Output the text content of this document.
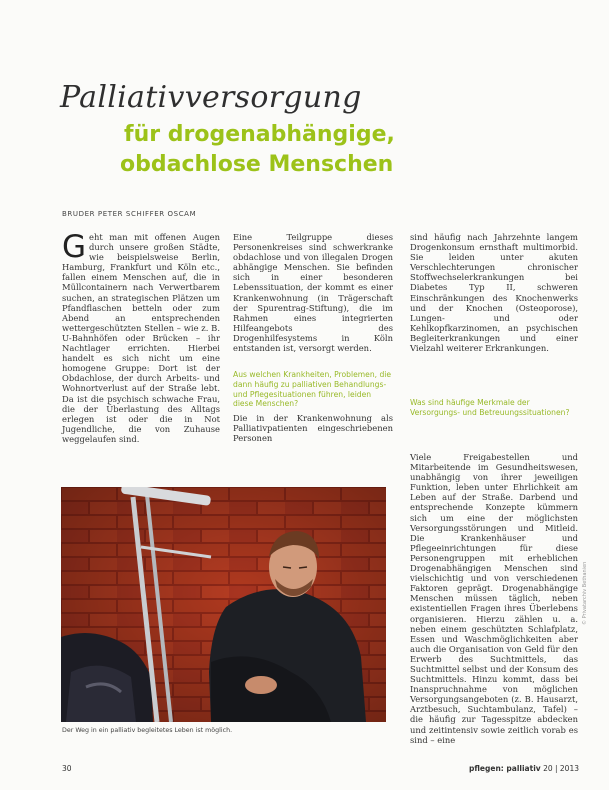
Palliativversorgung
für drogenabhängige,
obdachlose Menschen
BRUDER PETER SCHIFFER OSCAM
Geht man mit offenen Augen durch unsere großen Städte, wie beispielsweise Berlin, Hamburg, Frankfurt und Köln etc., fallen einem Menschen auf, die in Müllcontainern nach Verwertbarem suchen, an strategischen Plätzen um Pfandflaschen betteln oder zum Abend an entsprechenden wettergeschützten Stellen – wie z. B. U-Bahnhöfen oder Brücken – ihr Nachtlager errichten. Hierbei handelt es sich nicht um eine homogene Gruppe: Dort ist der Obdachlose, der durch Arbeits- und Wohnortverlust auf der Straße lebt. Da ist die psychisch schwache Frau, die der Überlastung des Alltags erlegen ist oder die in Not Jugendliche, die von Zuhause weggelaufen sind.
Eine Teilgruppe dieses Personenkreises sind schwerkranke obdachlose und von illegalen Drogen abhängige Menschen. Sie befinden sich in einer besonderen Lebenssituation, der kommt es einer Krankenwohnung (in Trägerschaft der Spurentrag-Stiftung), die im Rahmen eines integrierten Hilfeangebots des Drogenhilfesystems in Köln entstanden ist, versorgt werden.
Aus welchen Krankheiten, Problemen, die dann häufig zu palliativen Behandlungs- und Pflegesituationen führen, leiden diese Menschen?
Die in der Krankenwohnung als Palliativpatienten eingeschriebenen Personen
sind häufig nach Jahrzehnte langem Drogenkonsum ernsthaft multimorbid. Sie leiden unter akuten Verschlechterungen chronischer Stoffwechselerkrankungen bei Diabetes Typ II, schweren Einschränkungen des Knochenwerks und der Knochen (Osteoporose), Lungen- und oder Kehlkopfkarzinomen, an psychischen Begleiterkrankungen und einer Vielzahl weiterer Erkrankungen.
Was sind häufige Merkmale der Versorgungs- und Betreuungssituationen?
Viele Freigabestellen und Mitarbeitende im Gesundheitswesen, unabhängig von ihrer jeweiligen Funktion, leben unter Ehrlichkeit am Leben auf der Straße. Darbend und entsprechende Konzepte kümmern sich um eine der möglichsten Versorgungsstörungen und Mitleid. Die Krankenhäuser und Pflegeeinrichtungen für diese Personengruppen mit erheblichen Drogenabhängigen Menschen sind vielschichtig und von verschiedenen Faktoren geprägt. Drogenabhängige Menschen müssen täglich, neben existentiellen Fragen ihres Überlebens organisieren. Hierzu zählen u. a. neben einem geschützten Schlafplatz, Essen und Waschmöglichkeiten aber auch die Organisation von Geld für den Erwerb des Suchtmittels, das Suchtmittel selbst und der Konsum des Suchtmittels. Hinzu kommt, dass bei Inanspruchnahme von möglichen Versorgungsangeboten (z. B. Hausarzt, Arztbesuch, Suchtambulanz, Tafel) – die häufig zur Tagesspitze abdecken und zeitintensiv sowie zeitlich vorab es sind – eine
Der Weg in ein palliativ begleitetes Leben ist möglich.
© Privatarchiv Bethanien
30	pflegen: palliativ 20 | 2013
